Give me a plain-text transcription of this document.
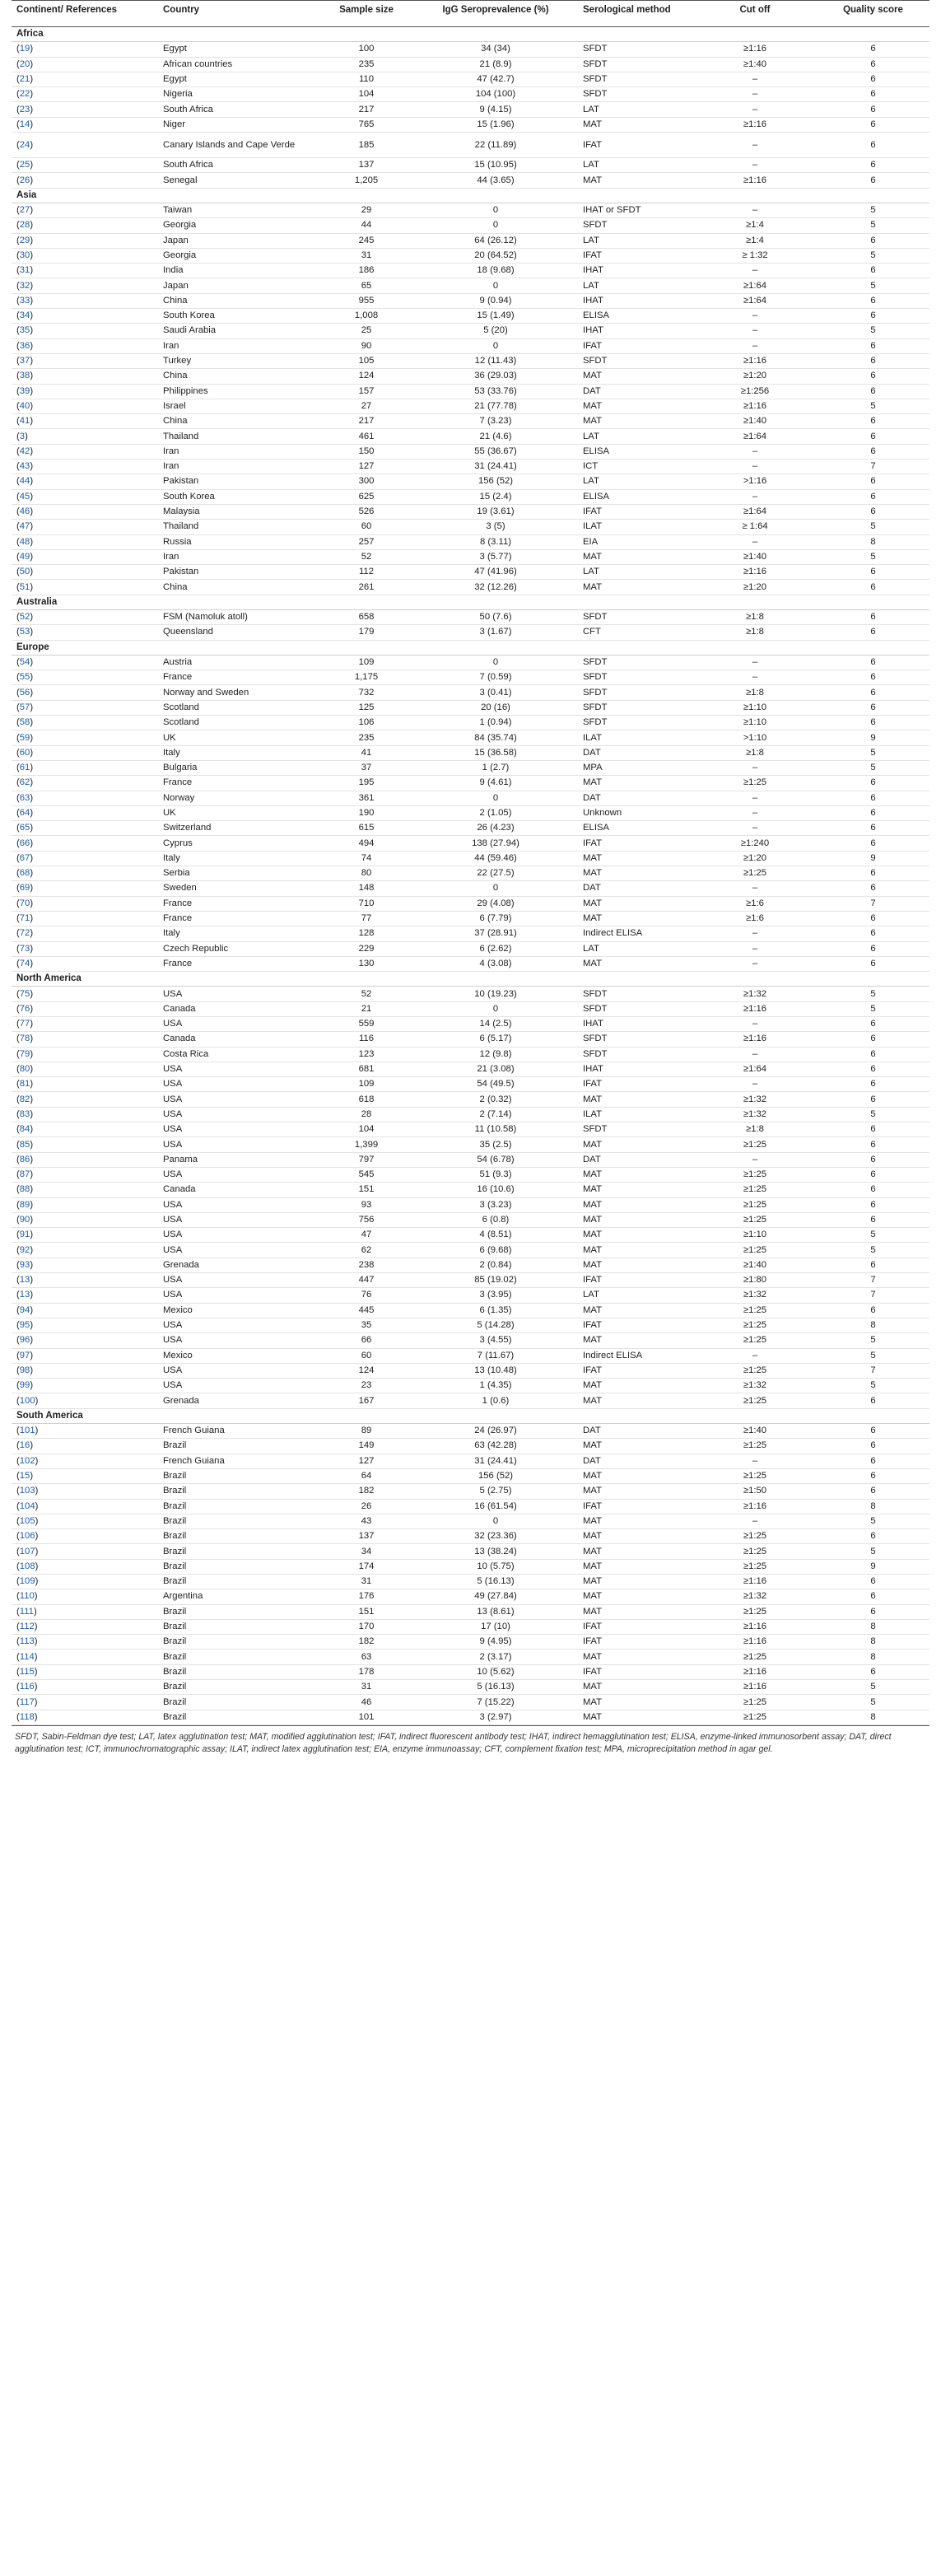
Continent/ References	Country	Sample size	IgG Seroprevalence (%)	Serological method	Cut off	Quality score
Africa						
(19)	Egypt	100	34 (34)	SFDT	≥1:16	6
(20)	African countries	235	21 (8.9)	SFDT	≥1:40	6
(21)	Egypt	110	47 (42.7)	SFDT	–	6
(22)	Nigeria	104	104 (100)	SFDT	–	6
(23)	South Africa	217	9 (4.15)	LAT	–	6
(14)	Niger	765	15 (1.96)	MAT	≥1:16	6
(24)	Canary Islands and Cape Verde	185	22 (11.89)	IFAT	–	6
(25)	South Africa	137	15 (10.95)	LAT	–	6
(26)	Senegal	1,205	44 (3.65)	MAT	≥1:16	6
Asia						
(27)	Taiwan	29	0	IHAT or SFDT	–	5
(28)	Georgia	44	0	SFDT	≥1:4	5
(29)	Japan	245	64 (26.12)	LAT	≥1:4	6
(30)	Georgia	31	20 (64.52)	IFAT	≥ 1:32	5
(31)	India	186	18 (9.68)	IHAT	–	6
(32)	Japan	65	0	LAT	≥1:64	5
(33)	China	955	9 (0.94)	IHAT	≥1:64	6
(34)	South Korea	1,008	15 (1.49)	ELISA	–	6
(35)	Saudi Arabia	25	5 (20)	IHAT	–	5
(36)	Iran	90	0	IFAT	–	6
(37)	Turkey	105	12 (11.43)	SFDT	≥1:16	6
(38)	China	124	36 (29.03)	MAT	≥1:20	6
(39)	Philippines	157	53 (33.76)	DAT	≥1:256	6
(40)	Israel	27	21 (77.78)	MAT	≥1:16	5
(41)	China	217	7 (3.23)	MAT	≥1:40	6
(3)	Thailand	461	21 (4.6)	LAT	≥1:64	6
(42)	Iran	150	55 (36.67)	ELISA	–	6
(43)	Iran	127	31 (24.41)	ICT	–	7
(44)	Pakistan	300	156 (52)	LAT	>1:16	6
(45)	South Korea	625	15 (2.4)	ELISA	–	6
(46)	Malaysia	526	19 (3.61)	IFAT	≥1:64	6
(47)	Thailand	60	3 (5)	ILAT	≥ 1:64	5
(48)	Russia	257	8 (3.11)	EIA	–	8
(49)	Iran	52	3 (5.77)	MAT	≥1:40	5
(50)	Pakistan	112	47 (41.96)	LAT	≥1:16	6
(51)	China	261	32 (12.26)	MAT	≥1:20	6
Australia						
(52)	FSM (Namoluk atoll)	658	50 (7.6)	SFDT	≥1:8	6
(53)	Queensland	179	3 (1.67)	CFT	≥1:8	6
Europe						
(54)	Austria	109	0	SFDT	–	6
(55)	France	1,175	7 (0.59)	SFDT	–	6
(56)	Norway and Sweden	732	3 (0.41)	SFDT	≥1:8	6
(57)	Scotland	125	20 (16)	SFDT	≥1:10	6
(58)	Scotland	106	1 (0.94)	SFDT	≥1:10	6
(59)	UK	235	84 (35.74)	ILAT	>1:10	9
(60)	Italy	41	15 (36.58)	DAT	≥1:8	5
(61)	Bulgaria	37	1 (2.7)	MPA	–	5
(62)	France	195	9 (4.61)	MAT	≥1:25	6
(63)	Norway	361	0	DAT	–	6
(64)	UK	190	2 (1.05)	Unknown	–	6
(65)	Switzerland	615	26 (4.23)	ELISA	–	6
(66)	Cyprus	494	138 (27.94)	IFAT	≥1:240	6
(67)	Italy	74	44 (59.46)	MAT	≥1:20	9
(68)	Serbia	80	22 (27.5)	MAT	≥1:25	6
(69)	Sweden	148	0	DAT	–	6
(70)	France	710	29 (4.08)	MAT	≥1:6	7
(71)	France	77	6 (7.79)	MAT	≥1:6	6
(72)	Italy	128	37 (28.91)	Indirect ELISA	–	6
(73)	Czech Republic	229	6 (2.62)	LAT	–	6
(74)	France	130	4 (3.08)	MAT	–	6
North America						
(75)	USA	52	10 (19.23)	SFDT	≥1:32	5
(76)	Canada	21	0	SFDT	≥1:16	5
(77)	USA	559	14 (2.5)	IHAT	–	6
(78)	Canada	116	6 (5.17)	SFDT	≥1:16	6
(79)	Costa Rica	123	12 (9.8)	SFDT	–	6
(80)	USA	681	21 (3.08)	IHAT	≥1:64	6
(81)	USA	109	54 (49.5)	IFAT	–	6
(82)	USA	618	2 (0.32)	MAT	≥1:32	6
(83)	USA	28	2 (7.14)	ILAT	≥1:32	5
(84)	USA	104	11 (10.58)	SFDT	≥1:8	6
(85)	USA	1,399	35 (2.5)	MAT	≥1:25	6
(86)	Panama	797	54 (6.78)	DAT	–	6
(87)	USA	545	51 (9.3)	MAT	≥1:25	6
(88)	Canada	151	16 (10.6)	MAT	≥1:25	6
(89)	USA	93	3 (3.23)	MAT	≥1:25	6
(90)	USA	756	6 (0.8)	MAT	≥1:25	6
(91)	USA	47	4 (8.51)	MAT	≥1:10	5
(92)	USA	62	6 (9.68)	MAT	≥1:25	5
(93)	Grenada	238	2 (0.84)	MAT	≥1:40	6
(13)	USA	447	85 (19.02)	IFAT	≥1:80	7
(13)	USA	76	3 (3.95)	LAT	≥1:32	7
(94)	Mexico	445	6 (1.35)	MAT	≥1:25	6
(95)	USA	35	5 (14.28)	IFAT	≥1:25	8
(96)	USA	66	3 (4.55)	MAT	≥1:25	5
(97)	Mexico	60	7 (11.67)	Indirect ELISA	–	5
(98)	USA	124	13 (10.48)	IFAT	≥1:25	7
(99)	USA	23	1 (4.35)	MAT	≥1:32	5
(100)	Grenada	167	1 (0.6)	MAT	≥1:25	6
South America						
(101)	French Guiana	89	24 (26.97)	DAT	≥1:40	6
(16)	Brazil	149	63 (42.28)	MAT	≥1:25	6
(102)	French Guiana	127	31 (24.41)	DAT	–	6
(15)	Brazil	64	156 (52)	MAT	≥1:25	6
(103)	Brazil	182	5 (2.75)	MAT	≥1:50	6
(104)	Brazil	26	16 (61.54)	IFAT	≥1:16	8
(105)	Brazil	43	0	MAT	–	5
(106)	Brazil	137	32 (23.36)	MAT	≥1:25	6
(107)	Brazil	34	13 (38.24)	MAT	≥1:25	5
(108)	Brazil	174	10 (5.75)	MAT	≥1:25	9
(109)	Brazil	31	5 (16.13)	MAT	≥1:16	6
(110)	Argentina	176	49 (27.84)	MAT	≥1:32	6
(111)	Brazil	151	13 (8.61)	MAT	≥1:25	6
(112)	Brazil	170	17 (10)	IFAT	≥1:16	8
(113)	Brazil	182	9 (4.95)	IFAT	≥1:16	8
(114)	Brazil	63	2 (3.17)	MAT	≥1:25	8
(115)	Brazil	178	10 (5.62)	IFAT	≥1:16	6
(116)	Brazil	31	5 (16.13)	MAT	≥1:16	5
(117)	Brazil	46	7 (15.22)	MAT	≥1:25	5
(118)	Brazil	101	3 (2.97)	MAT	≥1:25	8
SFDT, Sabin-Feldman dye test; LAT, latex agglutination test; MAT, modified agglutination test; IFAT, indirect fluorescent antibody test; IHAT, indirect hemagglutination test; ELISA, enzyme-linked immunosorbent assay; DAT, direct agglutination test; ICT, immunochromatographic assay; ILAT, indirect latex agglutination test; EIA, enzyme immunoassay; CFT, complement fixation test; MPA, microprecipitation method in agar gel.
